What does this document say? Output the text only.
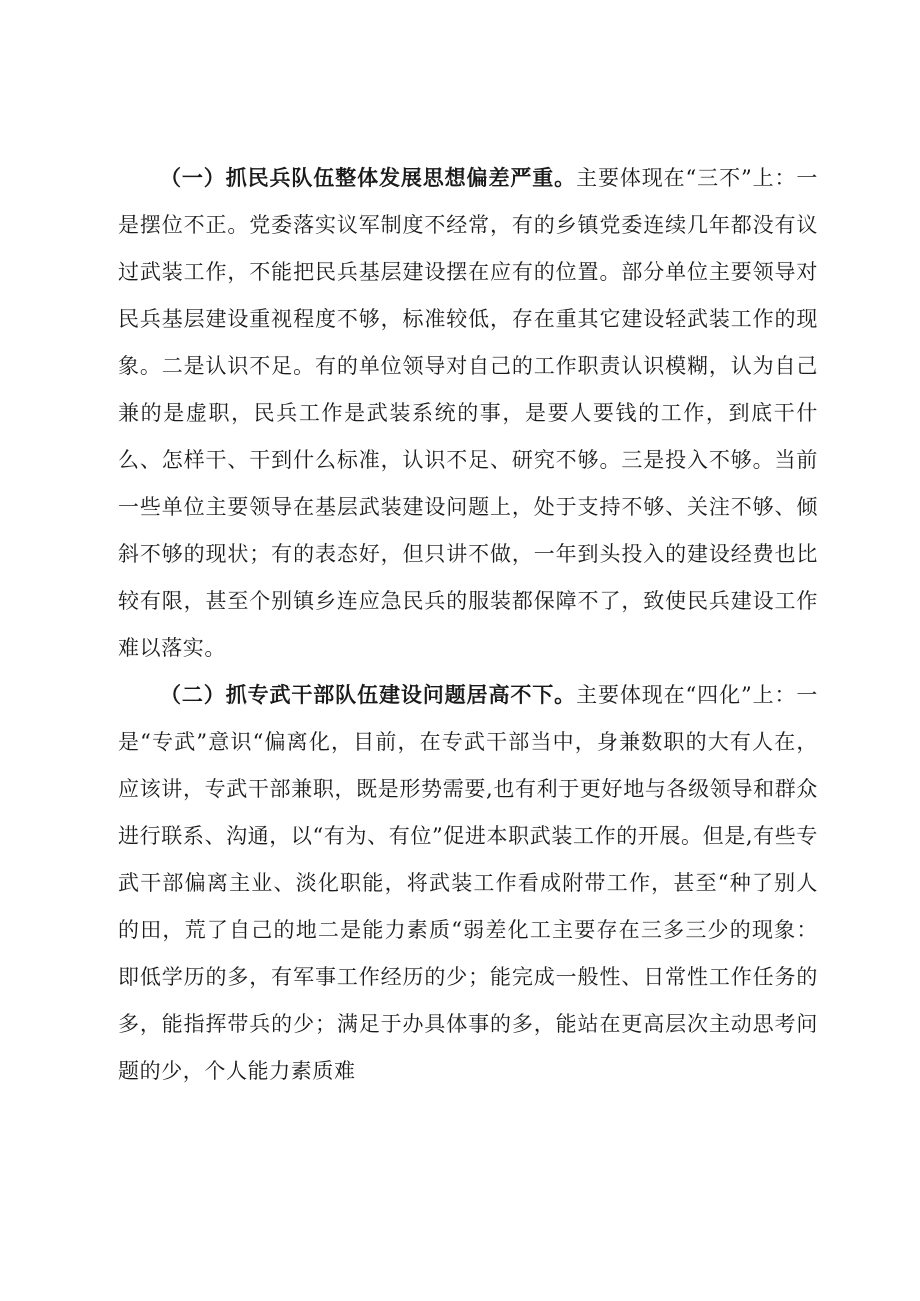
（一）抓民兵队伍整体发展思想偏差严重。主要体现在“三不”上：一是摆位不正。党委落实议军制度不经常，有的乡镇党委连续几年都没有议过武装工作，不能把民兵基层建设摆在应有的位置。部分单位主要领导对民兵基层建设重视程度不够，标准较低，存在重其它建设轻武装工作的现象。二是认识不足。有的单位领导对自己的工作职责认识模糊，认为自己兼的是虚职，民兵工作是武装系统的事，是要人要钱的工作，到底干什么、怎样干、干到什么标准，认识不足、研究不够。三是投入不够。当前一些单位主要领导在基层武装建设问题上，处于支持不够、关注不够、倾斜不够的现状；有的表态好，但只讲不做，一年到头投入的建设经费也比较有限，甚至个别镇乡连应急民兵的服装都保障不了，致使民兵建设工作难以落实。

（二）抓专武干部队伍建设问题居高不下。主要体现在“四化”上：一是“专武”意识“偏离化，目前，在专武干部当中，身兼数职的大有人在，应该讲，专武干部兼职，既是形势需要,也有利于更好地与各级领导和群众进行联系、沟通，以“有为、有位”促进本职武装工作的开展。但是,有些专武干部偏离主业、淡化职能，将武装工作看成附带工作，甚至“种了别人的田，荒了自己的地二是能力素质“弱差化工主要存在三多三少的现象：即低学历的多，有军事工作经历的少；能完成一般性、日常性工作任务的多，能指挥带兵的少；满足于办具体事的多，能站在更高层次主动思考问题的少，个人能力素质难
